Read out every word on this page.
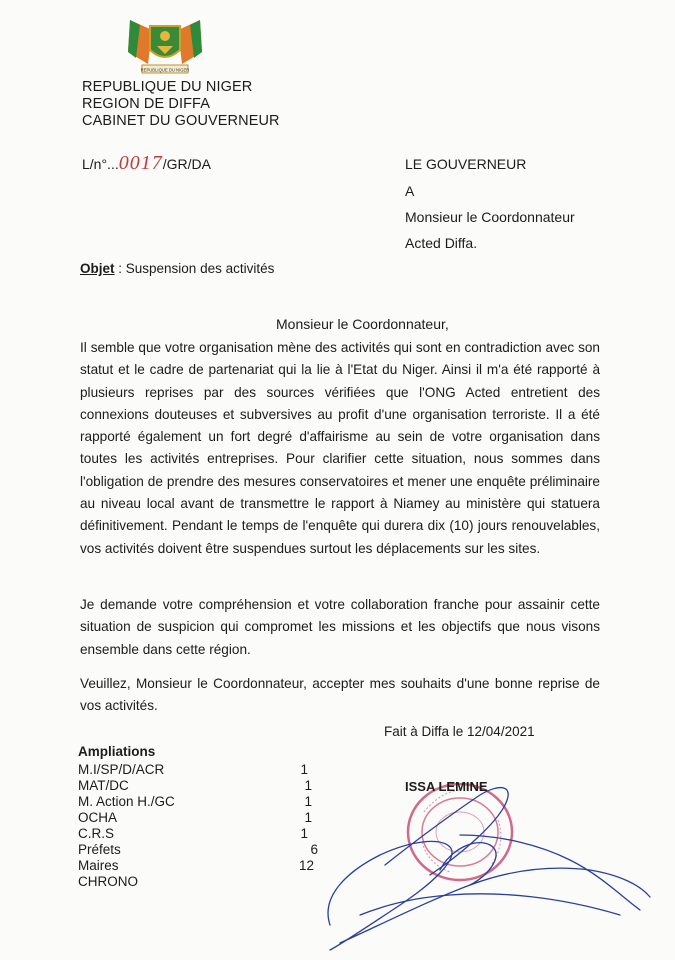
REPUBLIQUE DU NIGER
REPUBLIQUE DU NIGER
REGION DE DIFFA
CABINET DU GOUVERNEUR
L/n°...0017/GR/DA	LE GOUVERNEUR
A
Monsieur le Coordonnateur
Acted Diffa.
Objet : Suspension des activités
Monsieur le Coordonnateur,

Il semble que votre organisation mène des activités qui sont en contradiction avec son statut et le cadre de partenariat qui la lie à l'Etat du Niger. Ainsi il m'a été rapporté à plusieurs reprises par des sources vérifiées que l'ONG Acted entretient des connexions douteuses et subversives au profit d'une organisation terroriste. Il a été rapporté également un fort degré d'affairisme au sein de votre organisation dans toutes les activités entreprises. Pour clarifier cette situation, nous sommes dans l'obligation de prendre des mesures conservatoires et mener une enquête préliminaire au niveau local avant de transmettre le rapport à Niamey au ministère qui statuera définitivement. Pendant le temps de l'enquête qui durera dix (10) jours renouvelables, vos activités doivent être suspendues surtout les déplacements sur les sites.

Je demande votre compréhension et votre collaboration franche pour assainir cette situation de suspicion qui compromet les missions et les objectifs que nous visons ensemble dans cette région.

Veuillez, Monsieur le Coordonnateur, accepter mes souhaits d'une bonne reprise de vos activités.

Fait à Diffa le 12/04/2021
Ampliations
M.I/SP/D/ACR	1
MAT/DC	1
M. Action H./GC	1
OCHA	1
C.R.S	1
Préfets	6
Maires	12
CHRONO
ISSA LEMINE
